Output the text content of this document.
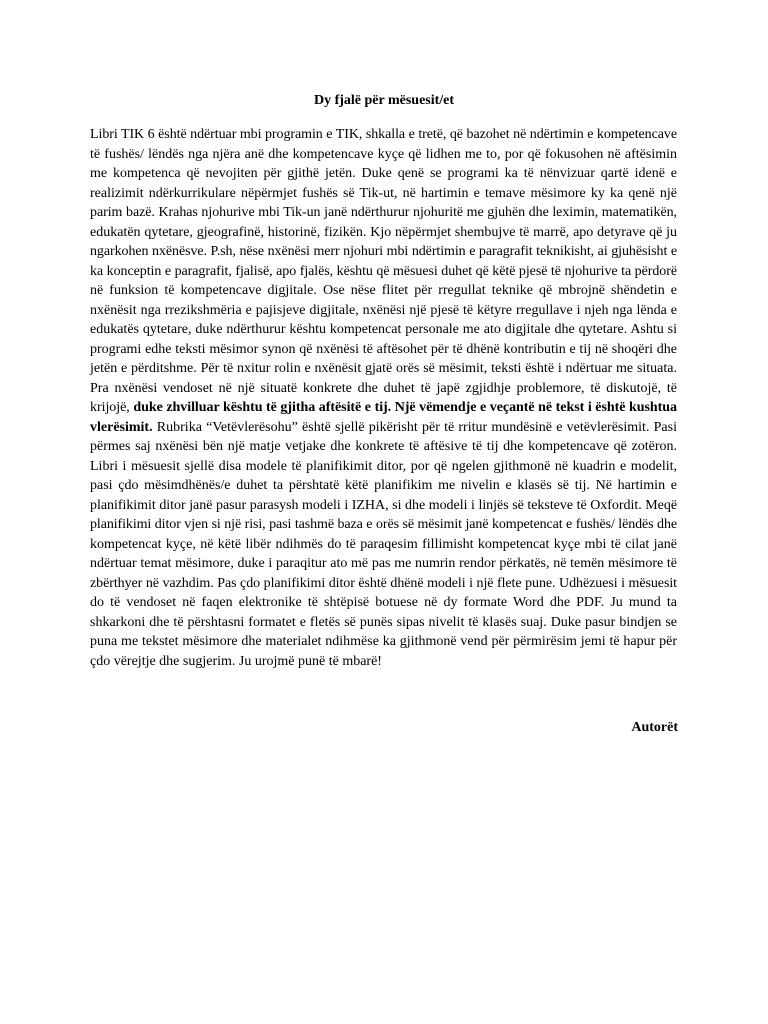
Dy fjalë për mësuesit/et
Libri TIK 6 është ndërtuar mbi programin e TIK, shkalla e tretë, që bazohet në ndërtimin e kompetencave
të fushës/ lëndës nga njëra anë dhe kompetencave kyçe që lidhen me to, por që fokusohen në aftësimin
me kompetenca që nevojiten për gjithë jetën. Duke qenë se programi ka të nënvizuar qartë idenë e
realizimit ndërkurrikulare nëpërmjet fushës së Tik-ut, në hartimin e temave mësimore ky ka qenë një
parim bazë. Krahas njohurive mbi Tik-un janë ndërthurur njohuritë me gjuhën dhe leximin, matematikën,
edukatën qytetare, gjeografinë, historinë, fizikën. Kjo nëpërmjet shembujve të marrë, apo detyrave që ju
ngarkohen nxënësve. P.sh, nëse nxënësi merr njohuri mbi ndërtimin e paragrafit teknikisht, ai gjuhësisht e
ka konceptin e paragrafit, fjalisë, apo fjalës, kështu që mësuesi duhet që këtë pjesë të njohurive ta përdorë
në funksion të kompetencave digjitale. Ose nëse flitet për rregullat teknike që mbrojnë shëndetin e
nxënësit nga rrezikshmëria e pajisjeve digjitale, nxënësi një pjesë të këtyre rregullave i njeh nga lënda e
edukatës qytetare, duke ndërthurur kështu kompetencat personale me ato digjitale dhe qytetare. Ashtu si
programi edhe teksti mësimor synon që nxënësi të aftësohet për të dhënë kontributin e tij në shoqëri dhe
jetën e përditshme. Për të nxitur rolin e nxënësit gjatë orës së mësimit, teksti është i ndërtuar me situata.
Pra nxënësi vendoset në një situatë konkrete dhe duhet të japë zgjidhje problemore, të diskutojë, të
krijojë, duke zhvilluar kështu të gjitha aftësitë e tij. Një vëmendje e veçantë në tekst i është kushtua
vlerësimit. Rubrika “Vetëvlerësohu” është sjellë pikërisht për të rritur mundësinë e vetëvlerësimit. Pasi
përmes saj nxënësi bën një matje vetjake dhe konkrete të aftësive të tij dhe kompetencave që zotëron.
Libri i mësuesit sjellë disa modele të planifikimit ditor, por që ngelen gjithmonë në kuadrin e modelit,
pasi çdo mësimdhënës/e duhet ta përshtatë këtë planifikim me nivelin e klasës së tij. Në hartimin e
planifikimit ditor janë pasur parasysh modeli i IZHA, si dhe modeli i linjës së teksteve të Oxfordit. Meqë
planifikimi ditor vjen si një risi, pasi tashmë baza e orës së mësimit janë kompetencat e fushës/ lëndës dhe
kompetencat kyçe, në këtë libër ndihmës do të paraqesim fillimisht kompetencat kyçe mbi të cilat janë
ndërtuar temat mësimore, duke i paraqitur ato më pas me numrin rendor përkatës, në temën mësimore të
zbërthyer në vazhdim. Pas çdo planifikimi ditor është dhënë modeli i një flete pune. Udhëzuesi i mësuesit
do të vendoset në faqen elektronike të shtëpisë botuese në dy formate Word dhe PDF. Ju mund ta
shkarkoni dhe të përshtasni formatet e fletës së punës sipas nivelit të klasës suaj. Duke pasur bindjen se
puna me tekstet mësimore dhe materialet ndihmëse ka gjithmonë vend për përmirësim jemi të hapur për
çdo vërejtje dhe sugjerim. Ju urojmë punë të mbarë!
Autorët
